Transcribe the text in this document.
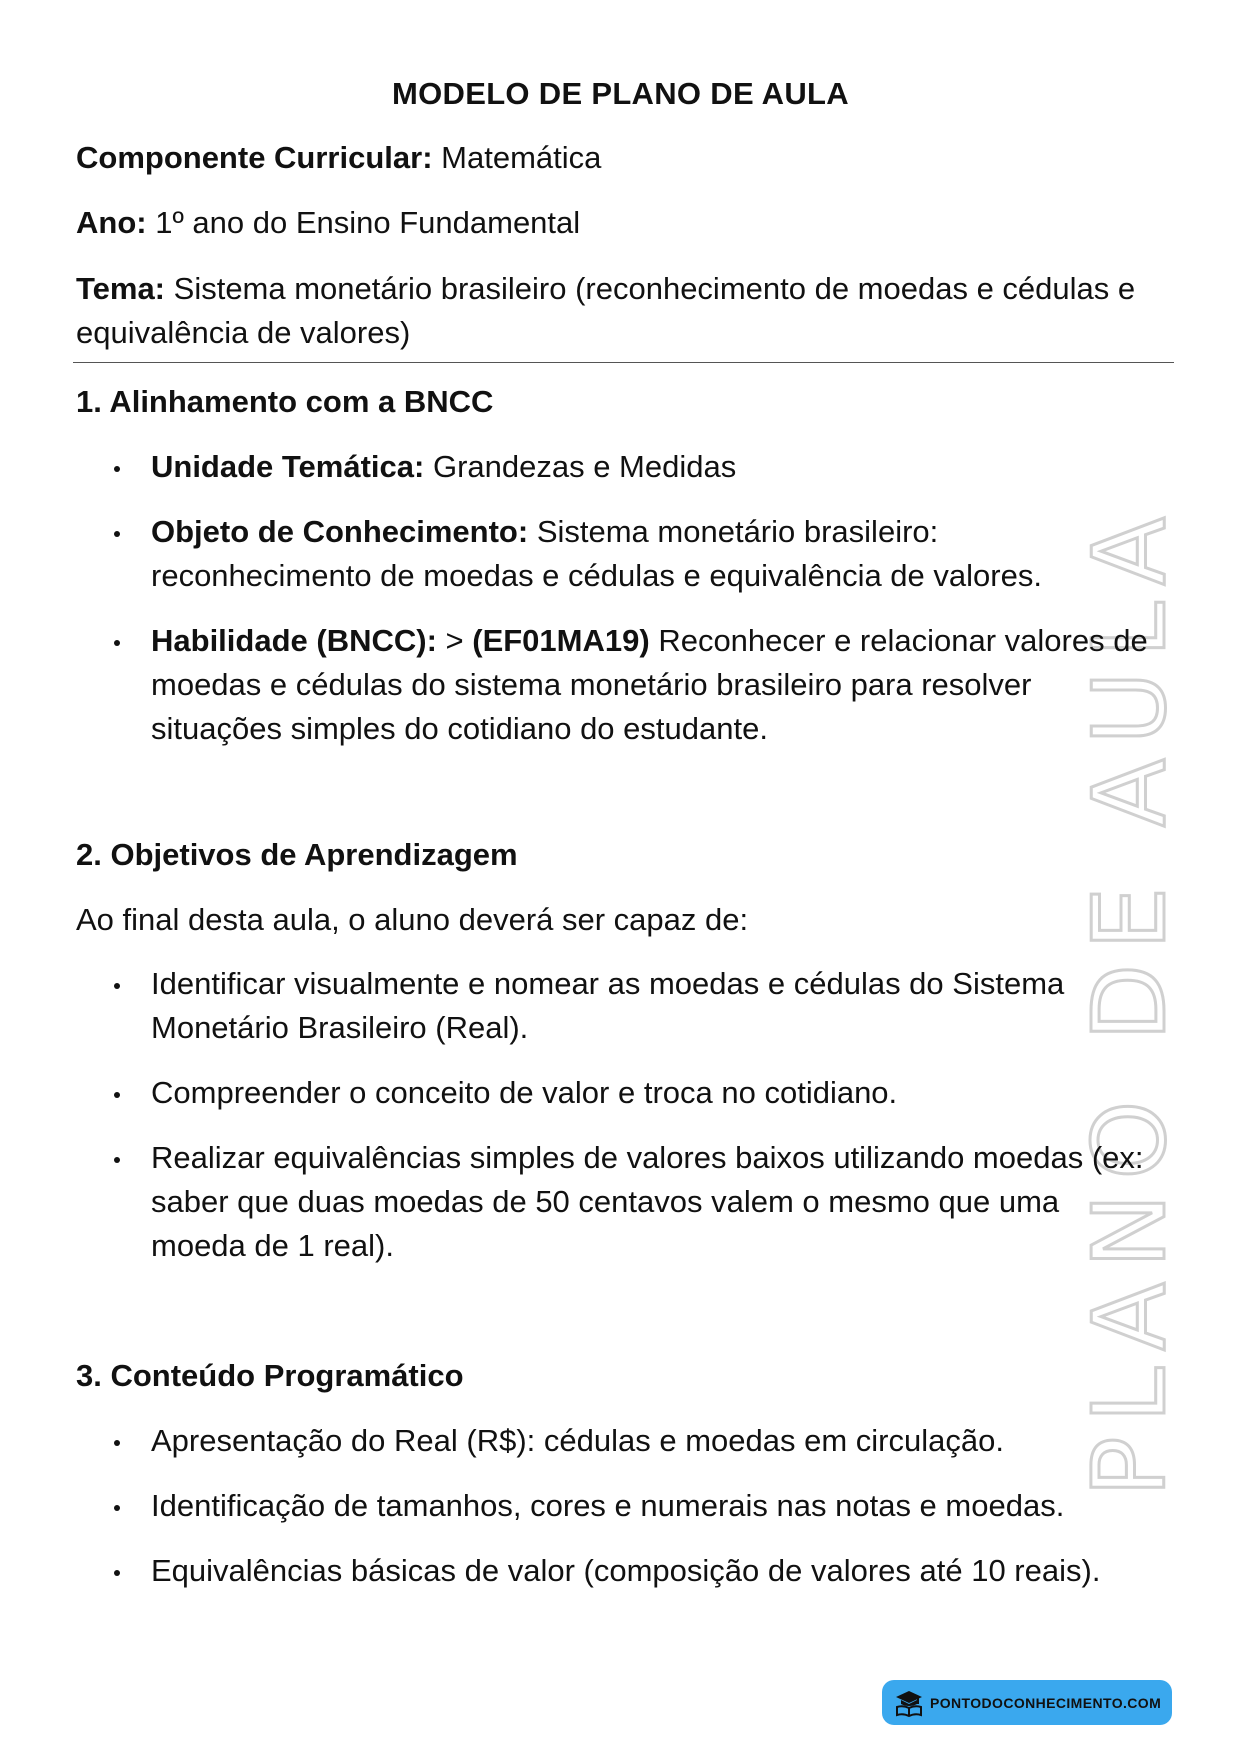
PLANO DE AULA
MODELO DE PLANO DE AULA
Componente Curricular: Matemática
Ano: 1º ano do Ensino Fundamental
Tema: Sistema monetário brasileiro (reconhecimento de moedas e cédulas e equivalência de valores)
1. Alinhamento com a BNCC
Unidade Temática: Grandezas e Medidas
Objeto de Conhecimento: Sistema monetário brasileiro: reconhecimento de moedas e cédulas e equivalência de valores.
Habilidade (BNCC): > (EF01MA19) Reconhecer e relacionar valores de moedas e cédulas do sistema monetário brasileiro para resolver situações simples do cotidiano do estudante.
2. Objetivos de Aprendizagem
Ao final desta aula, o aluno deverá ser capaz de:
Identificar visualmente e nomear as moedas e cédulas do Sistema Monetário Brasileiro (Real).
Compreender o conceito de valor e troca no cotidiano.
Realizar equivalências simples de valores baixos utilizando moedas (ex: saber que duas moedas de 50 centavos valem o mesmo que uma moeda de 1 real).
3. Conteúdo Programático
Apresentação do Real (R$): cédulas e moedas em circulação.
Identificação de tamanhos, cores e numerais nas notas e moedas.
Equivalências básicas de valor (composição de valores até 10 reais).
PONTODOCONHECIMENTO.COM
